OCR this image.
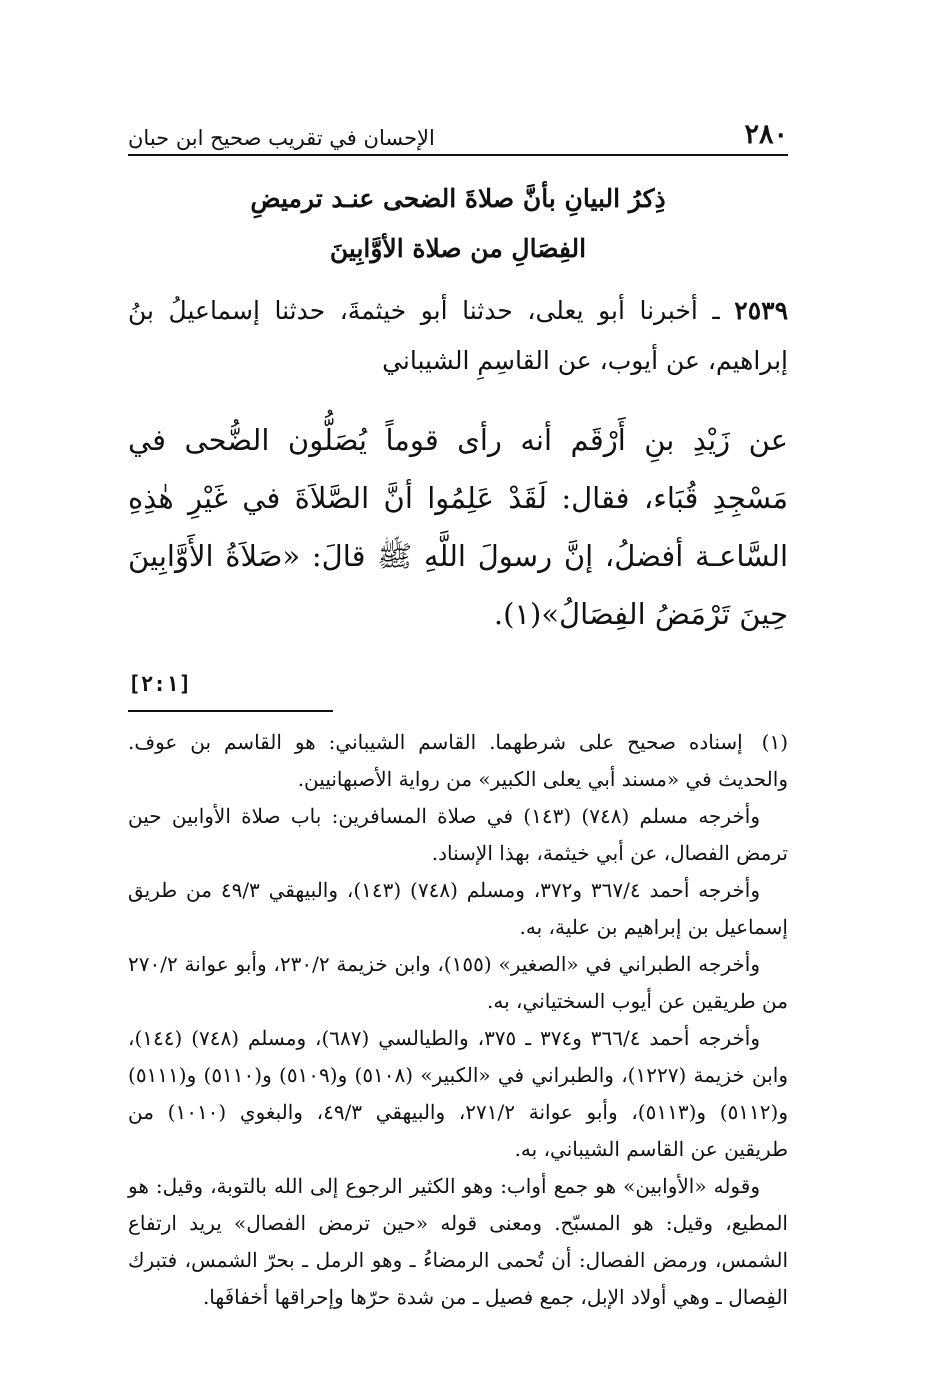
٢٨٠
الإحسان في تقريب صحيح ابن حبان
ذِكرُ البيانِ بأنَّ صلاةَ الضحى عنـد ترميضِ
الفِصَالِ من صلاة الأوَّابِينَ

٢٥٣٩ ـ أخبرنا أبو يعلى، حدثنا أبو خيثمةَ، حدثنا إسماعيلُ بنُ إبراهيم، عن أيوب، عن القاسِمِ الشيباني

عن زَيْدِ بنِ أَرْقَم أنه رأى قوماً يُصَلُّون الضُّحى في مَسْجِدِ قُبَاء، فقال: لَقَدْ عَلِمُوا أنَّ الصَّلاَةَ في غَيْرِ هٰذِهِ السَّاعـة أفضلُ، إنَّ رسولَ اللَّهِ ﷺ قالَ: «صَلاَةُ الأَوَّابِينَ حِينَ تَرْمَضُ الفِصَالُ»(١).

[٢:١]

(١) إسناده صحيح على شرطهما. القاسم الشيباني: هو القاسم بن عوف. والحديث في «مسند أبي يعلى الكبير» من رواية الأصبهانيين.

وأخرجه مسلم (٧٤٨) (١٤٣) في صلاة المسافرين: باب صلاة الأوابين حين ترمض الفصال، عن أبي خيثمة، بهذا الإسناد.

وأخرجه أحمد ٣٦٧/٤ و٣٧٢، ومسلم (٧٤٨) (١٤٣)، والبيهقي ٤٩/٣ من طريق إسماعيل بن إبراهيم بن علية، به.

وأخرجه الطبراني في «الصغير» (١٥٥)، وابن خزيمة ٢٣٠/٢، وأبو عوانة ٢٧٠/٢ من طريقين عن أيوب السختياني، به.

وأخرجه أحمد ٣٦٦/٤ و٣٧٤ ـ ٣٧٥، والطيالسي (٦٨٧)، ومسلم (٧٤٨) (١٤٤)، وابن خزيمة (١٢٢٧)، والطبراني في «الكبير» (٥١٠٨) و(٥١٠٩) و(٥١١٠) و(٥١١١) و(٥١١٢) و(٥١١٣)، وأبو عوانة ٢٧١/٢، والبيهقي ٤٩/٣، والبغوي (١٠١٠) من طريقين عن القاسم الشيباني، به.

وقوله «الأوابين» هو جمع أواب: وهو الكثير الرجوع إلى الله بالتوبة، وقيل: هو المطيع، وقيل: هو المسبّح. ومعنى قوله «حين ترمض الفصال» يريد ارتفاع الشمس، ورمض الفصال: أن تُحمى الرمضاءُ ـ وهو الرمل ـ بحرّ الشمس، فتبرك الفِصال ـ وهي أولاد الإبل، جمع فصيل ـ من شدة حرّها وإحراقها أخفافَها.
